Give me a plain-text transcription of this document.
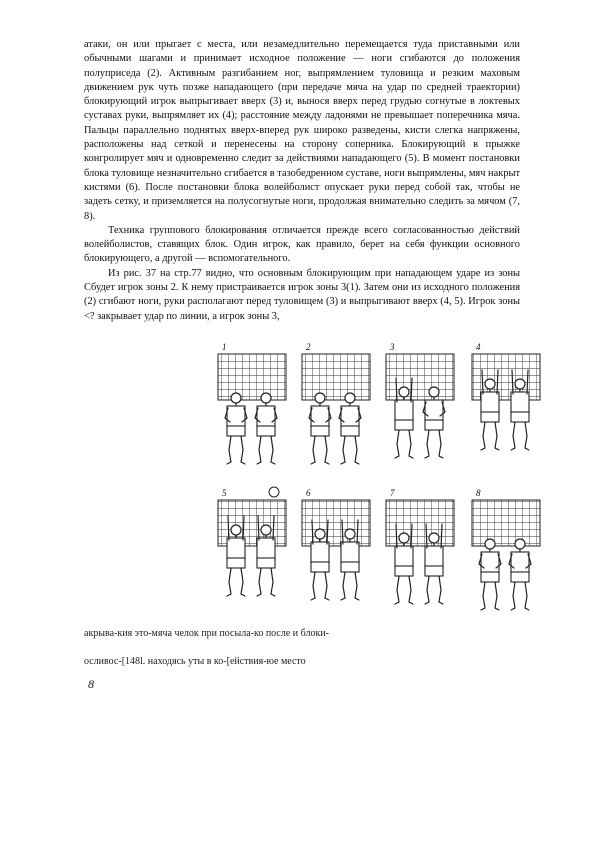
атаки, он или прыгает с места, или незамедлительно перемещается туда приставными или обычными шагами и принимает исходное положение — ноги сгибаются до положения полуприседа (2). Активным разгибанием ног, выпрямлением туловища и резким маховым движением рук чуть позже нападающего (при передаче мяча на удар по средней траектории) блокирующий игрок выпрыгивает вверх (3) и, вынося вверх перед грудью согнутые в локтевых суставах руки, выпрямляет их (4); расстояние между ладонями не превышает поперечника мяча. Пальцы параллельно поднятых вверх-вперед рук широко разведены, кисти слегка напряжены, расположены над сеткой и перенесены на сторону соперника. Блокирующий в прыжке конгролирует мяч и одновременно следит за действиями нападающего (5). В момент постановки блока туловище незначительно сгибается в тазобедренном суставе, ноги выпрямлены, мяч накрыт кистями (6). После постановки блока волейболист опускает руки перед собой так, чтобы не задеть сетку, и приземляется на полусогнутые ноги, продолжая внимательно следить за мячом (7, 8).

Техника группового блокирования отличается прежде всего согласованностью действий волейболистов, ставящих блок. Один игрок, как правило, берет на себя функции основного блокирующего, а другой — вспомогательного.

Из рис. 37 на стр.77 видно, что основным блокирующим при нападающем ударе из зоны Сбудет игрок зоны 2. К нему пристраивается игрок зоны 3(1). Затем они из исходного положения (2) сгибают ноги, руки располагают перед туловищем (3) и выпрыгивают вверх (4, 5). Игрок зоны <? закрывает удар по линии, а игрок зоны 3,

1	2	3	4
5	6	7	8
акрыва-кия это-мяча челок при посыла-ко после и блоки-
осливос-[148l. находясь уты в ко-[ействия-юе место
8
